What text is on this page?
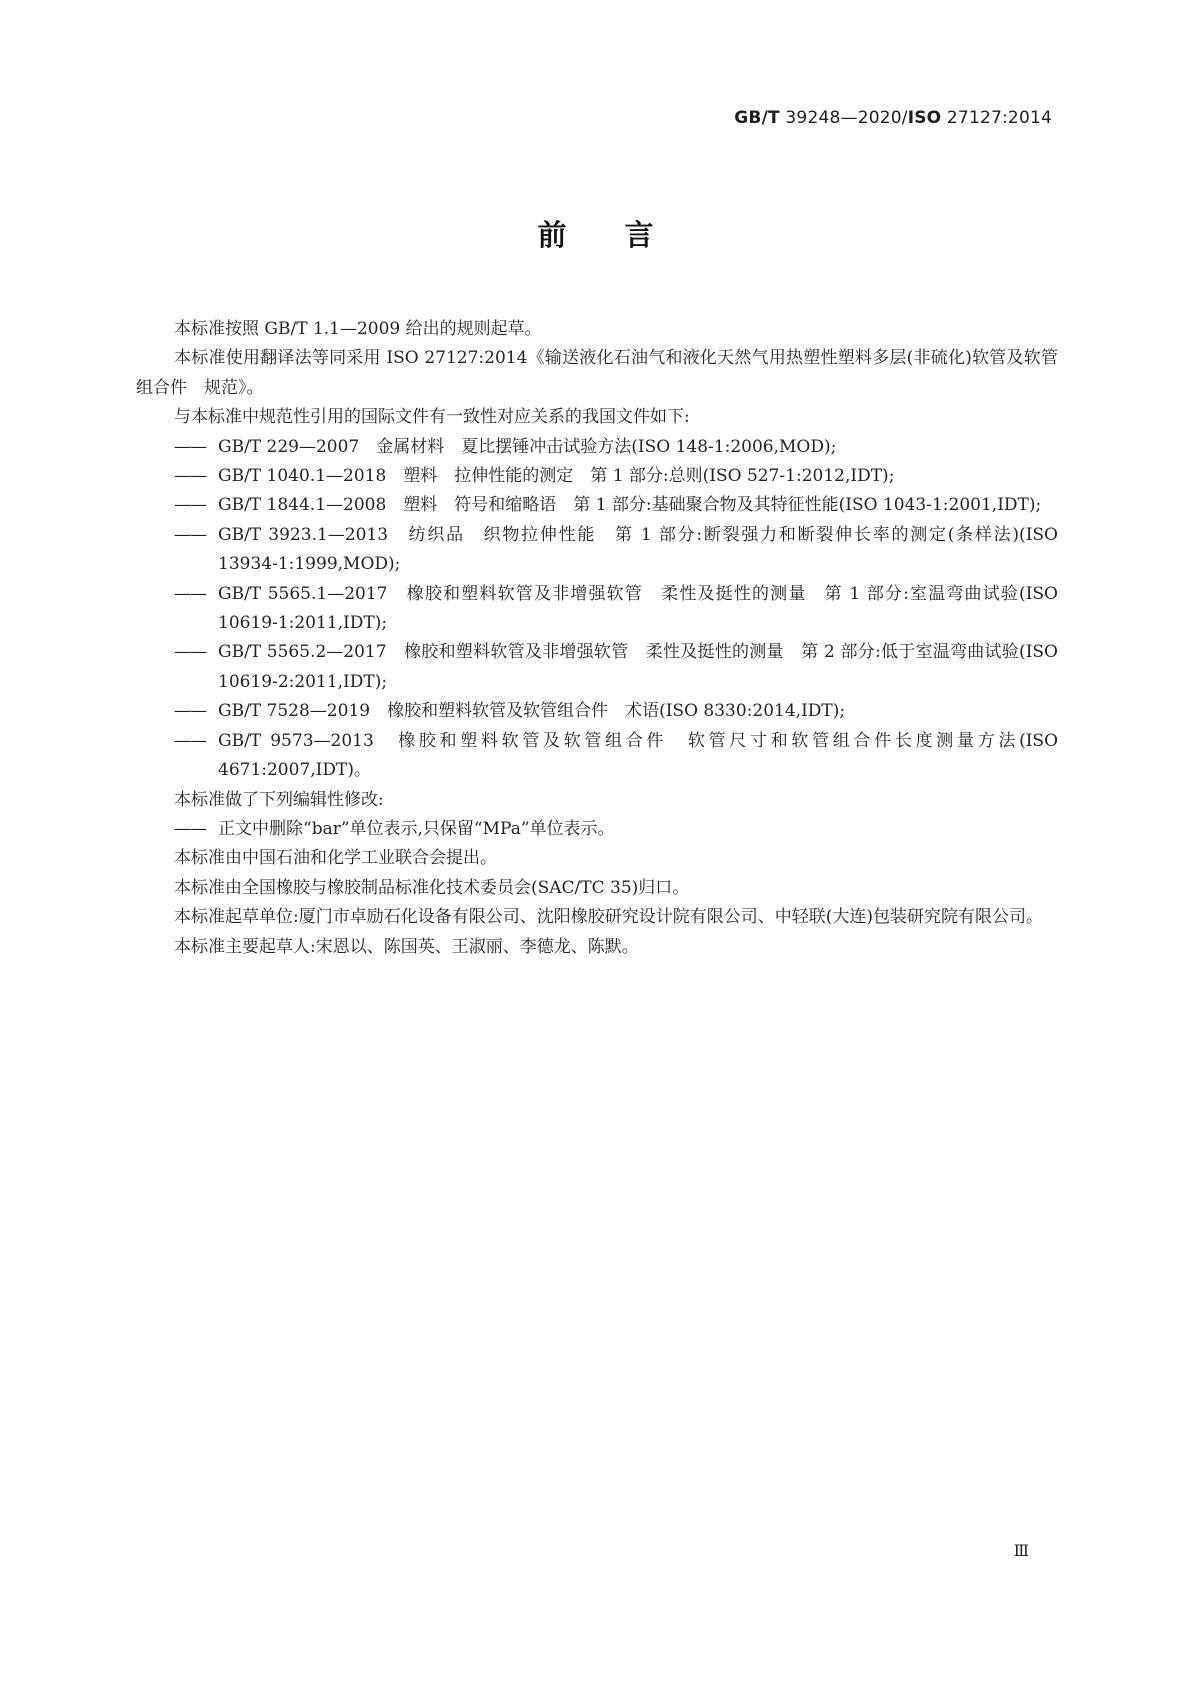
GB/T 39248—2020/ISO 27127:2014
前言

本标准按照 GB/T 1.1—2009 给出的规则起草。

本标准使用翻译法等同采用 ISO 27127:2014《输送液化石油气和液化天然气用热塑性塑料多层(非硫化)软管及软管组合件　规范》。

与本标准中规范性引用的国际文件有一致性对应关系的我国文件如下:

—— GB/T 229—2007　金属材料　夏比摆锤冲击试验方法(ISO 148-1:2006,MOD);

—— GB/T 1040.1—2018　塑料　拉伸性能的测定　第 1 部分:总则(ISO 527-1:2012,IDT);

—— GB/T 1844.1—2008　塑料　符号和缩略语　第 1 部分:基础聚合物及其特征性能(ISO 1043-1:2001,IDT);

—— GB/T 3923.1—2013　纺织品　织物拉伸性能　第 1 部分:断裂强力和断裂伸长率的测定(条样法)(ISO 13934-1:1999,MOD);

—— GB/T 5565.1—2017　橡胶和塑料软管及非增强软管　柔性及挺性的测量　第 1 部分:室温弯曲试验(ISO 10619-1:2011,IDT);

—— GB/T 5565.2—2017　橡胶和塑料软管及非增强软管　柔性及挺性的测量　第 2 部分:低于室温弯曲试验(ISO 10619-2:2011,IDT);

—— GB/T 7528—2019　橡胶和塑料软管及软管组合件　术语(ISO 8330:2014,IDT);

—— GB/T 9573—2013　橡胶和塑料软管及软管组合件　软管尺寸和软管组合件长度测量方法(ISO 4671:2007,IDT)。

本标准做了下列编辑性修改:

—— 正文中删除“bar”单位表示,只保留“MPa”单位表示。

本标准由中国石油和化学工业联合会提出。

本标准由全国橡胶与橡胶制品标准化技术委员会(SAC/TC 35)归口。

本标准起草单位:厦门市卓励石化设备有限公司、沈阳橡胶研究设计院有限公司、中轻联(大连)包装研究院有限公司。

本标准主要起草人:宋恩以、陈国英、王淑丽、李德龙、陈默。

Ⅲ
